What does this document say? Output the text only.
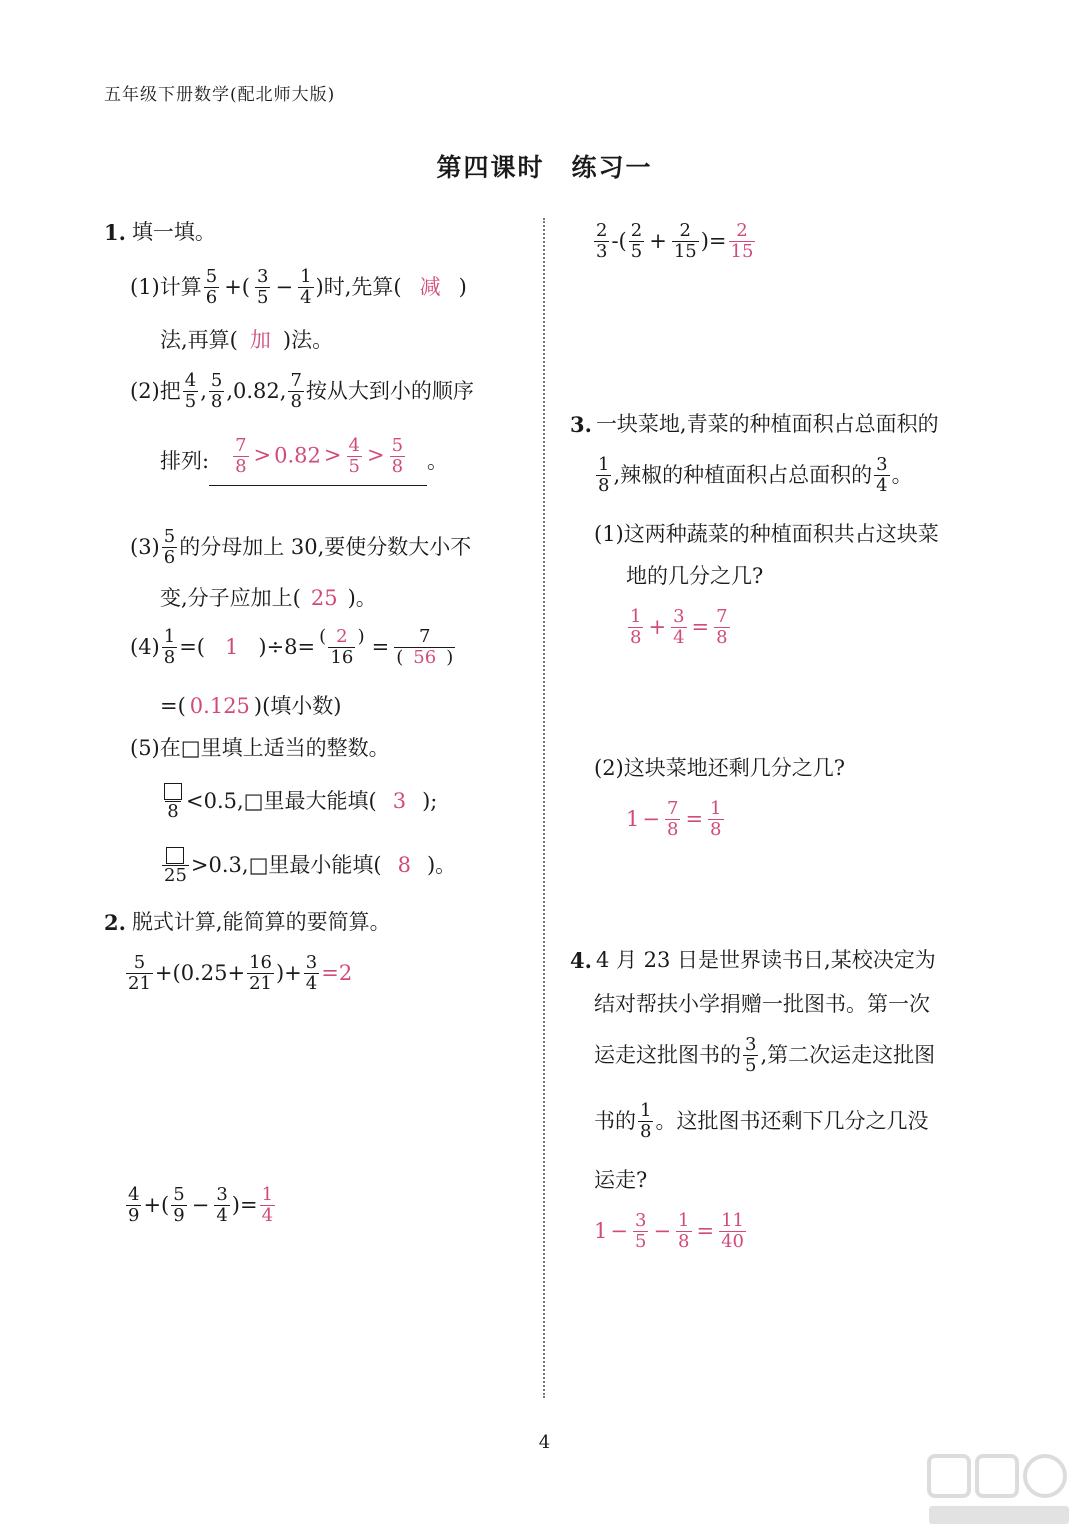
五年级下册数学(配北师大版)
第四课时　练习一
1. 填一填。
(1)计算 $\frac{5}{6}$ +( $\frac{3}{5} - \frac{1}{4}$ ) 时,先算( 减 )
法,再算( 加 )法。
(2)把 $\frac{4}{5}$ , $\frac{5}{8} ,0.82$, $\frac{7}{8}$ 按从大到小的顺序
排列: $\frac{7}{8} > 0.82 > \frac{4}{5} > \frac{5}{8}$ 。
$(3) \frac{5}{6}$ 的分母加上 30,要使分数大小不
变,分子应加上( 25 )。
$(4) \frac{1}{8}$ =( 1 )$\div 8= \frac{( 2 )}{16} = \frac{7}{( 56 )}$
=( 0.125 )(填小数)
(5)在□里填上适当的整数。
8 <0.5,□里最大能填( 3 );
25 >0.3,□里最小能填( 8 )。
2. 脱式计算,能简算的要简算。
$\frac{5}{21} +(0.25+ \frac{16}{21}$ )+ $\frac{3}{4} =2$
$\frac{4}{9}$ +( $\frac{5}{9} - \frac{3}{4}$ )= $\frac{1}{4}$
$\frac{2}{3}$ -( $\frac{2}{5} + \frac{2}{15}$ )= $\frac{2}{15}$
3. 一块菜地,青菜的种植面积占总面积的
$\frac{1}{8}$ ,辣椒的种植面积占总面积的 $\frac{3}{4}$ 。
(1)这两种蔬菜的种植面积共占这块菜
地的几分之几?
$\frac{1}{8} + \frac{3}{4} = \frac{7}{8}$
(2)这块菜地还剩几分之几?
$1 - \frac{7}{8} = \frac{1}{8}$
4. 4 月 23 日是世界读书日,某校决定为
结对帮扶小学捐赠一批图书。第一次
运走这批图书的 $\frac{3}{5}$ ,第二次运走这批图
书的 $\frac{1}{8}$ 。这批图书还剩下几分之几没
运走?
$1 - \frac{3}{5} - \frac{1}{8} = \frac{11}{40}$
4
